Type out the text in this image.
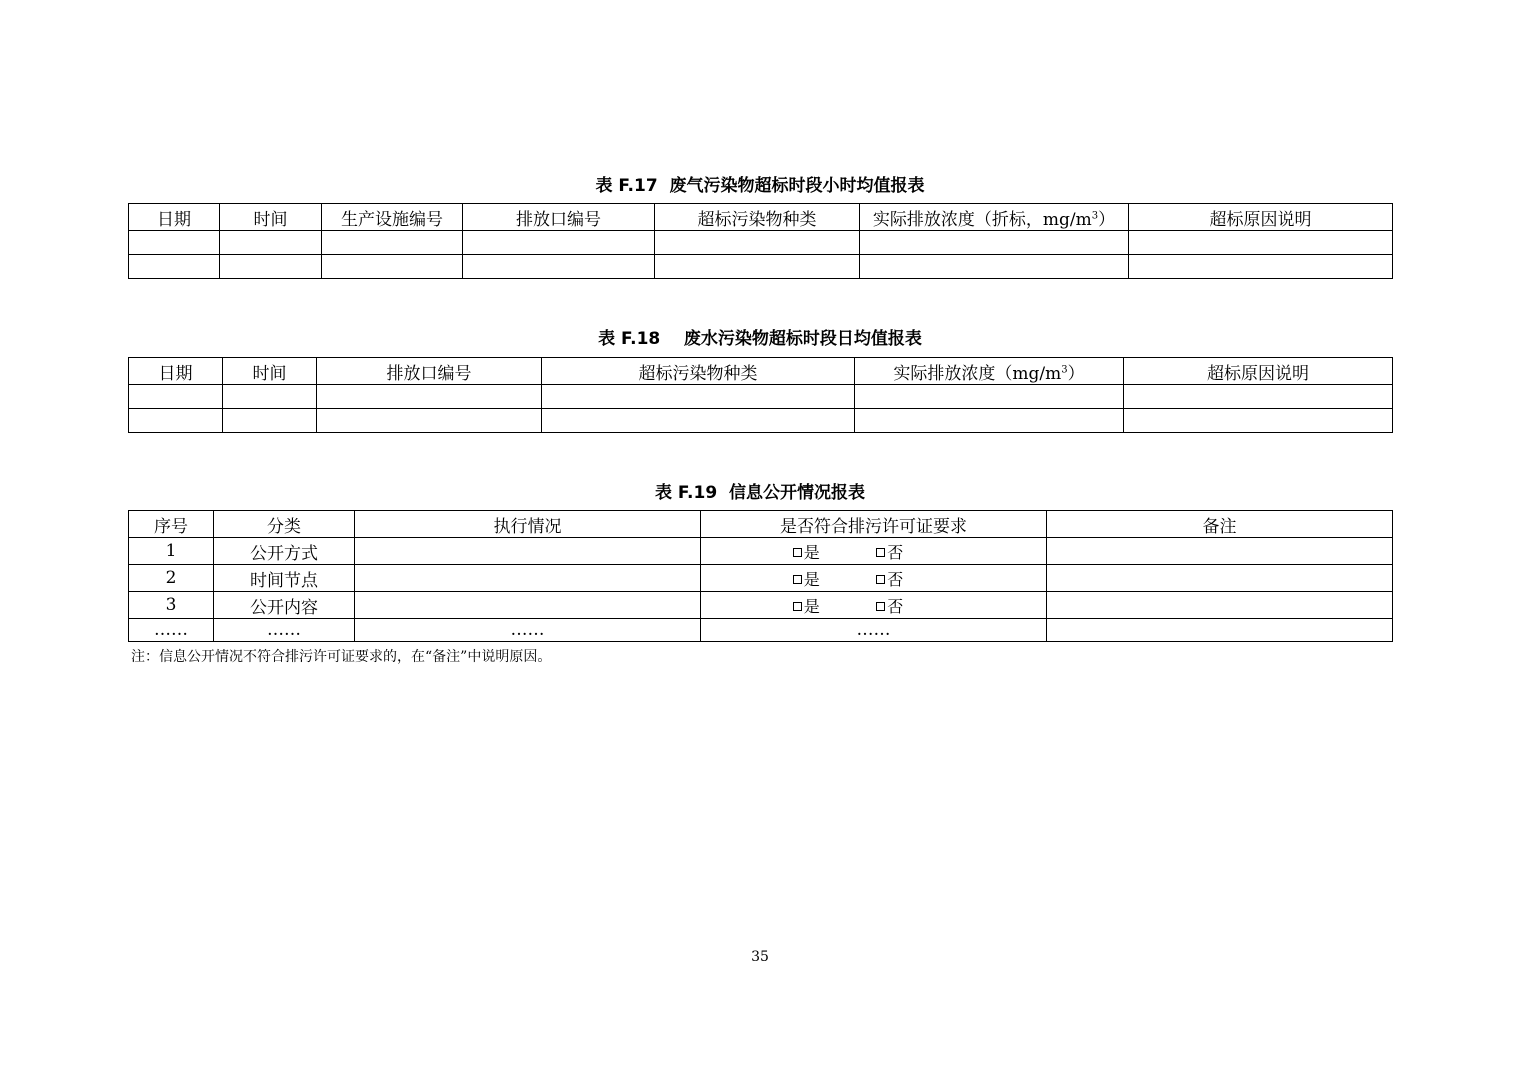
表 F.17  废气污染物超标时段小时均值报表
日期	时间	生产设施编号	排放口编号	超标污染物种类	实际排放浓度（折标，$mg/m^3$）	超标原因说明

表 F.18    废水污染物超标时段日均值报表
日期	时间	排放口编号	超标污染物种类	实际排放浓度$(mg/m^3)$	超标原因说明

表 F.19  信息公开情况报表
序号	分类	执行情况	是否符合排污许可证要求	备注
1	公开方式		是 否	
2	时间节点		是 否	
3	公开内容		是 否	
……	……	……	……	
注：信息公开情况不符合排污许可证要求的，在“备注”中说明原因。
35
